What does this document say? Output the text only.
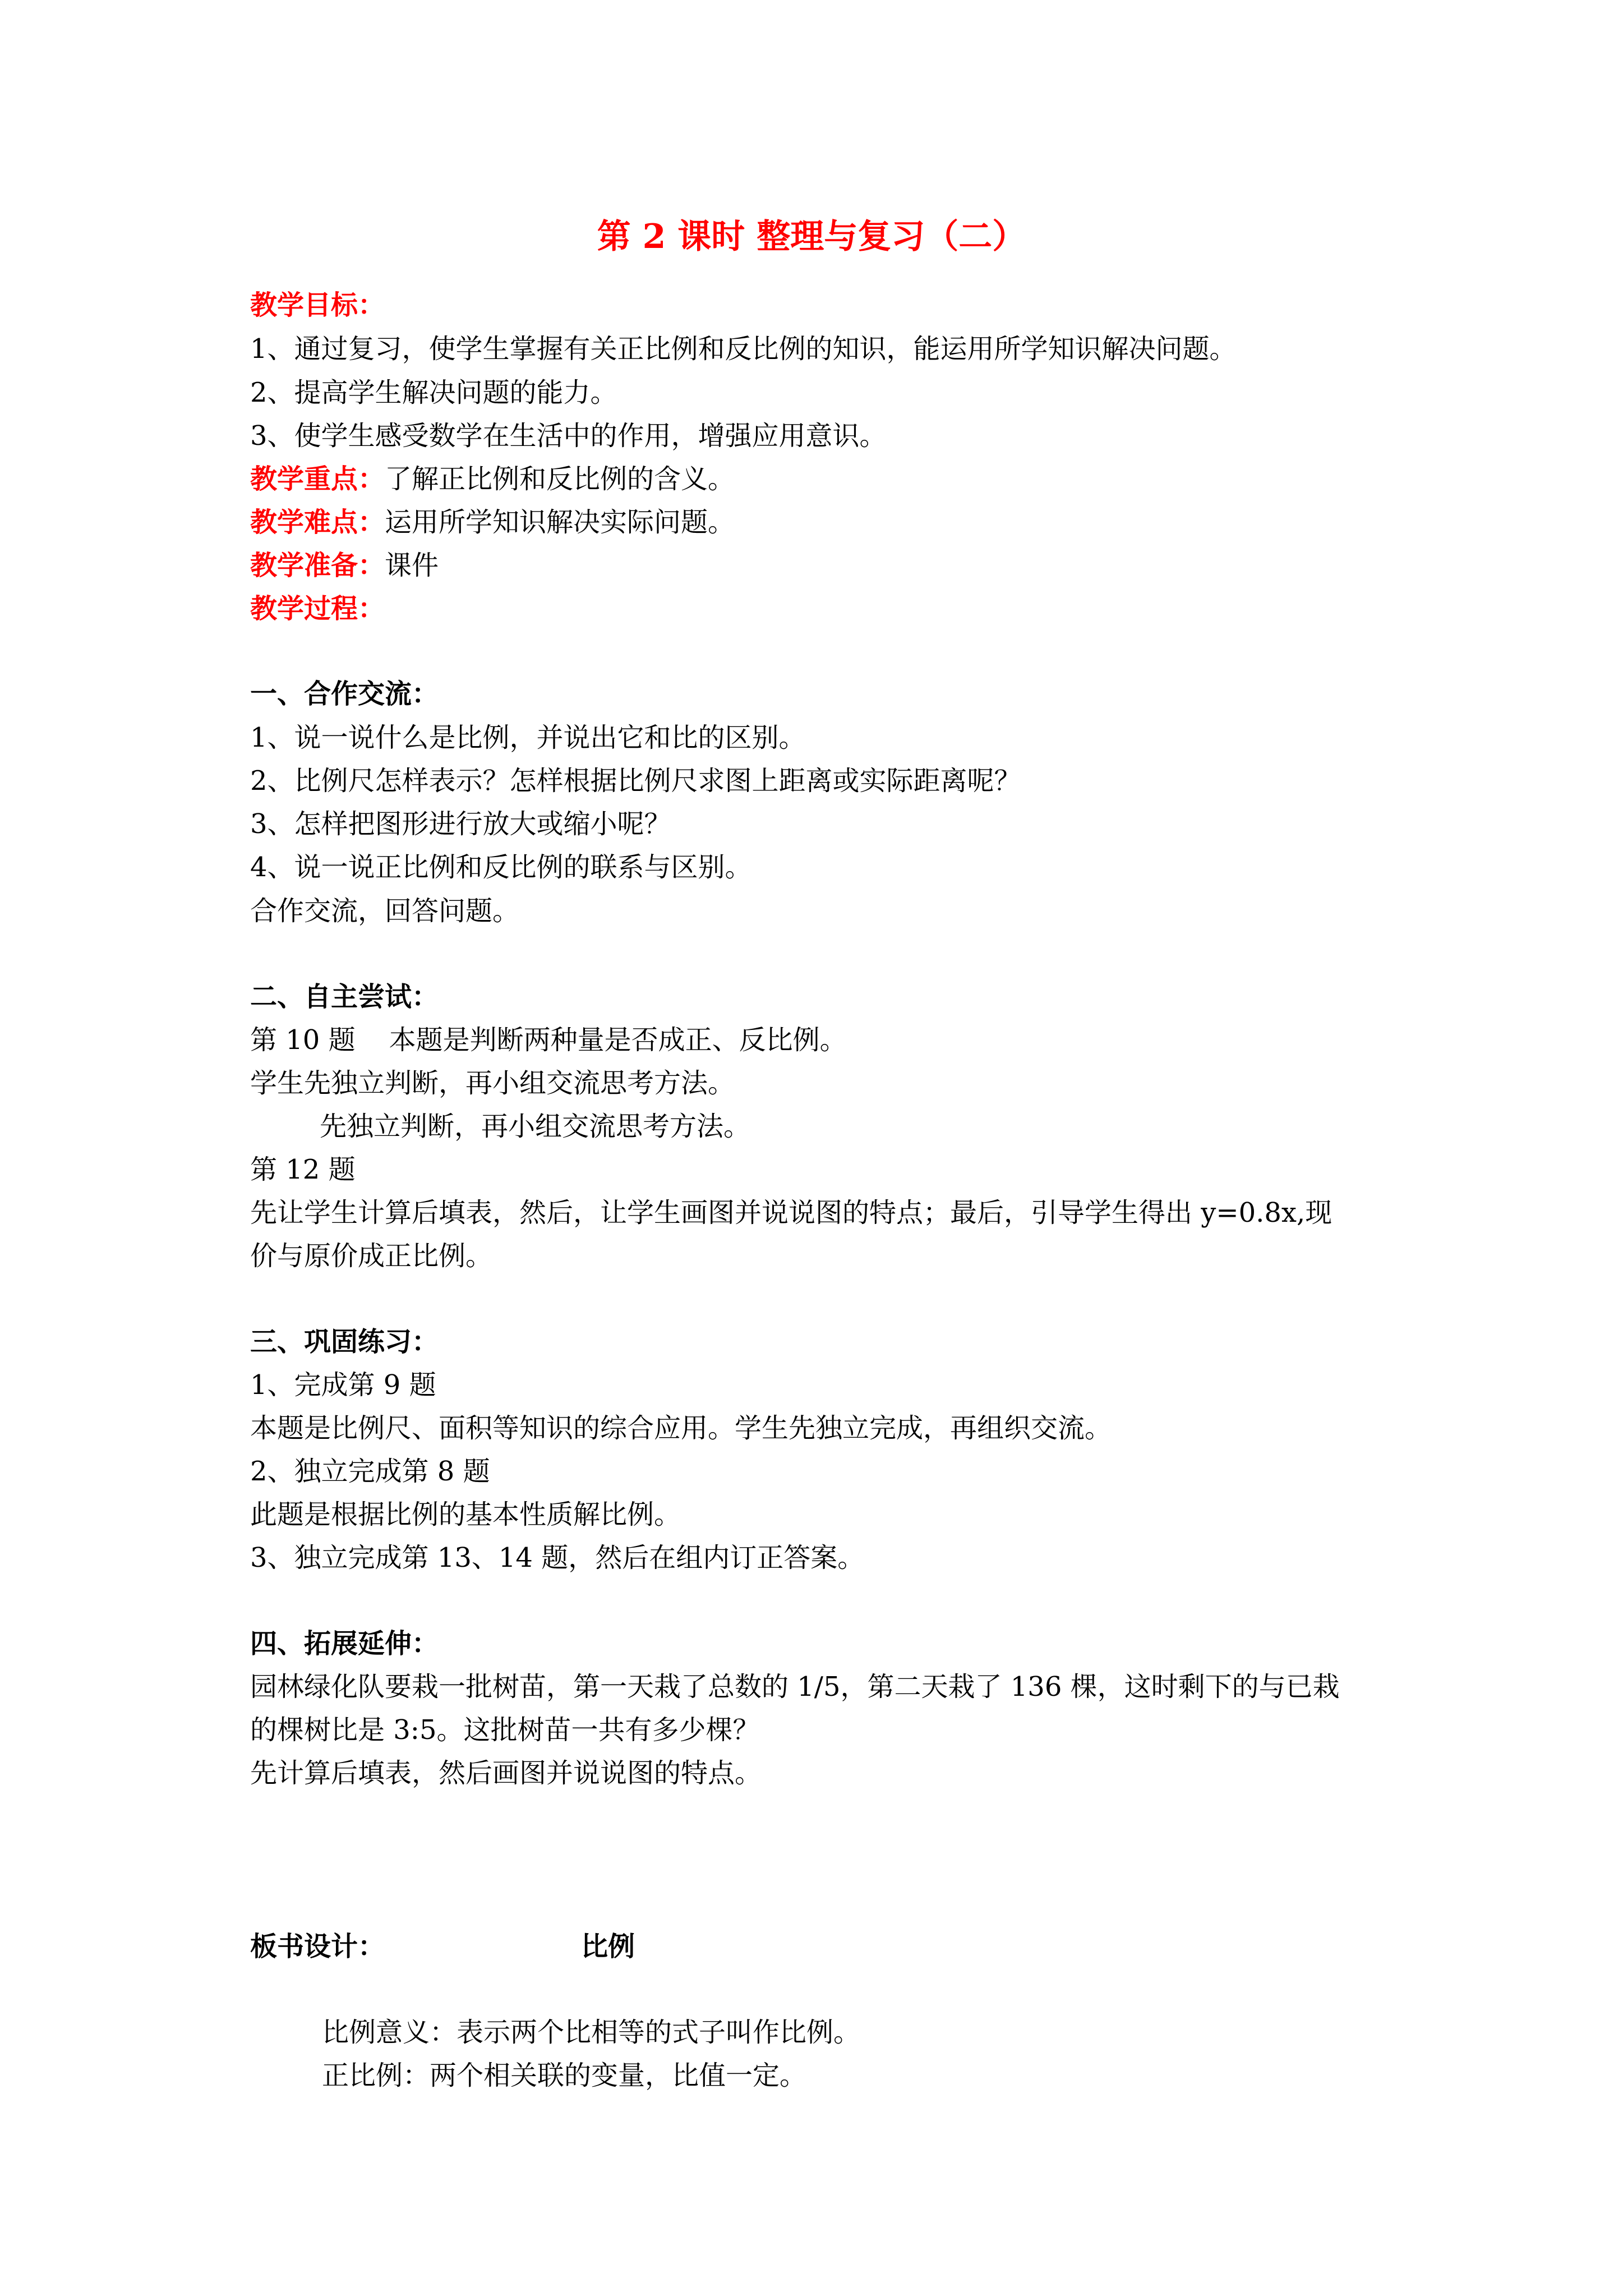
第 2 课时 整理与复习（二）
教学目标：
1、通过复习，使学生掌握有关正比例和反比例的知识，能运用所学知识解决问题。
2、提高学生解决问题的能力。
3、使学生感受数学在生活中的作用，增强应用意识。
教学重点：了解正比例和反比例的含义。
教学难点：运用所学知识解决实际问题。
教学准备：课件
教学过程：
一、合作交流：
1、说一说什么是比例，并说出它和比的区别。
2、比例尺怎样表示？怎样根据比例尺求图上距离或实际距离呢？
3、怎样把图形进行放大或缩小呢？
4、说一说正比例和反比例的联系与区别。
合作交流，回答问题。
二、自主尝试：
第 10 题 本题是判断两种量是否成正、反比例。
学生先独立判断，再小组交流思考方法。
先独立判断，再小组交流思考方法。
第 12 题
先让学生计算后填表，然后，让学生画图并说说图的特点；最后，引导学生得出 y=0.8x,现
价与原价成正比例。
三、巩固练习：
1、完成第 9 题
本题是比例尺、面积等知识的综合应用。学生先独立完成，再组织交流。
2、独立完成第 8 题
此题是根据比例的基本性质解比例。
3、独立完成第 13、14 题，然后在组内订正答案。
四、拓展延伸：
园林绿化队要栽一批树苗，第一天栽了总数的 1/5，第二天栽了 136 棵，这时剩下的与已栽
的棵树比是 3:5。这批树苗一共有多少棵？
先计算后填表，然后画图并说说图的特点。
板书设计：	比例
比例意义：表示两个比相等的式子叫作比例。
正比例：两个相关联的变量，比值一定。
